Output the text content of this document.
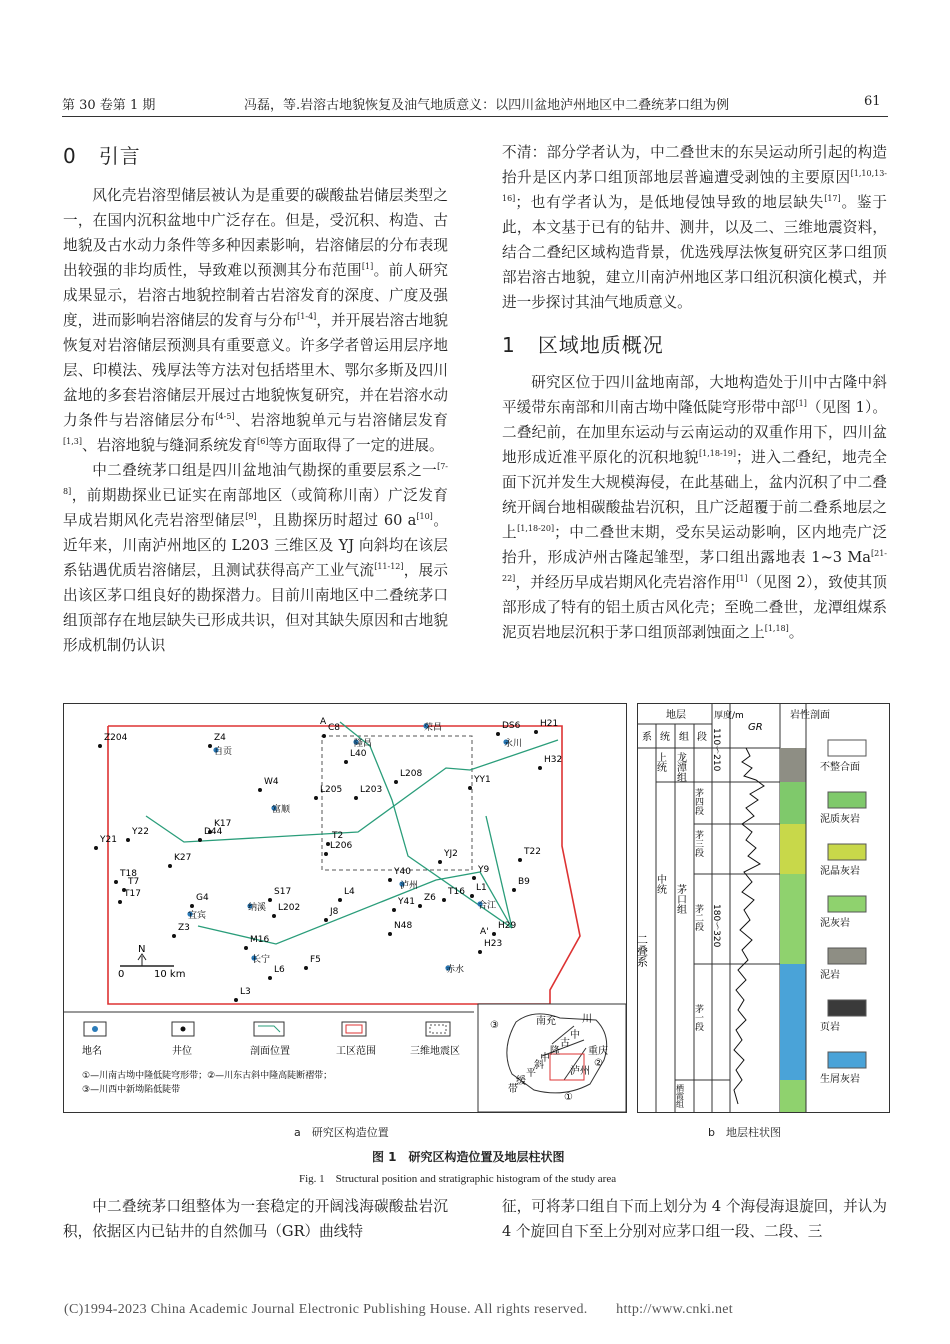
第 30 卷第 1 期	冯磊，等.岩溶古地貌恢复及油气地质意义：以四川盆地泸州地区中二叠统茅口组为例	61
0 引言

风化壳岩溶型储层被认为是重要的碳酸盐岩储层类型之一，在国内沉积盆地中广泛存在。但是，受沉积、构造、古地貌及古水动力条件等多种因素影响，岩溶储层的分布表现出较强的非均质性，导致难以预测其分布范围[1]。前人研究成果显示，岩溶古地貌控制着古岩溶发育的深度、广度及强度，进而影响岩溶储层的发育与分布[1-4]，并开展岩溶古地貌恢复对岩溶储层预测具有重要意义。许多学者曾运用层序地层、印模法、残厚法等方法对包括塔里木、鄂尔多斯及四川盆地的多套岩溶储层开展过古地貌恢复研究，并在岩溶水动力条件与岩溶储层分布[4-5]、岩溶地貌单元与岩溶储层发育[1,3]、岩溶地貌与缝洞系统发育[6]等方面取得了一定的进展。

中二叠统茅口组是四川盆地油气勘探的重要层系之一[7-8]，前期勘探业已证实在南部地区（或简称川南）广泛发育早成岩期风化壳岩溶型储层[9]，且勘探历时超过 60 a[10]。近年来，川南泸州地区的 L203 三维区及 YJ 向斜均在该层系钻遇优质岩溶储层，且测试获得高产工业气流[11-12]，展示出该区茅口组良好的勘探潜力。目前川南地区中二叠统茅口组顶部存在地层缺失已形成共识，但对其缺失原因和古地貌形成机制仍认识

不清：部分学者认为，中二叠世末的东吴运动所引起的构造抬升是区内茅口组顶部地层普遍遭受剥蚀的主要原因[1,10,13-16]；也有学者认为，是低地侵蚀导致的地层缺失[17]。鉴于此，本文基于已有的钻井、测井，以及二、三维地震资料，结合二叠纪区域构造背景，优选残厚法恢复研究区茅口组顶部岩溶古地貌，建立川南泸州地区茅口组沉积演化模式，并进一步探讨其油气地质意义。

1 区域地质概况

研究区位于四川盆地南部，大地构造处于川中古隆中斜平缓带东南部和川南古坳中隆低陡穹形带中部[1]（见图 1）。二叠纪前，在加里东运动与云南运动的双重作用下，四川盆地形成近准平原化的沉积地貌[1,18-19]；进入二叠纪，地壳全面下沉并发生大规模海侵，在此基础上，盆内沉积了中二叠统开阔台地相碳酸盐岩沉积，且广泛超覆于前二叠系地层之上[1,18-20]；中二叠世末期，受东吴运动影响，区内地壳广泛抬升，形成泸州古隆起雏型，茅口组出露地表 1~3 Ma[21-22]，并经历早成岩期风化壳岩溶作用[1]（见图 2），致使其顶部形成了特有的铝土质古风化壳；至晚二叠世，龙潭组煤系泥页岩地层沉积于茅口组顶部剥蚀面之上[1,18]。

Z204	Z4
自贡
W4
C8
L40
隆昌
荣昌	DS6 H21
永川
H32
L208
L205 L203
YY1
富顺
K17
D44
Y21
Y22
K27
T2
L206
YJ2	T22
Y40	Y9
T18
T7
T17	G4
S17
纳溪 L202
L4
泸州
J8
Y41 Z6
T16 L1
合江
B9
N48
A'
宜宾
Z3
M16
长宁	F5
H29
L6
L3
H23
赤水
A
N
0	10 km
地名	井位	剖面位置	工区范围	三维地震区
①—川南古坳中隆低陡穹形带；②—川东古斜中隆高陡断褶带；
③—川西中新坳陷低陡带
南充	川
中
古
隆
中
斜
平
缓
带
重庆
泸州
①
②
③
地层
系 统 组 段
厚度/m
GR
岩性剖面
二叠系
上统
中统
龙潭组
茅口组
栖霞组
茅四段
茅三段
茅二段
茅一段
110～210
180～320
不整合面
泥质灰岩
泥晶灰岩
泥灰岩
泥岩
页岩
生屑灰岩
a　研究区构造位置	b　地层柱状图
图 1　研究区构造位置及地层柱状图
Fig. 1　Structural position and stratigraphic histogram of the study area

中二叠统茅口组整体为一套稳定的开阔浅海碳酸盐岩沉积，依据区内已钻井的自然伽马（GR）曲线特

征，可将茅口组自下而上划分为 4 个海侵海退旋回，并认为 4 个旋回自下至上分别对应茅口组一段、二段、三

(C)1994-2023 China Academic Journal Electronic Publishing House. All rights reserved.　　http://www.cnki.net
